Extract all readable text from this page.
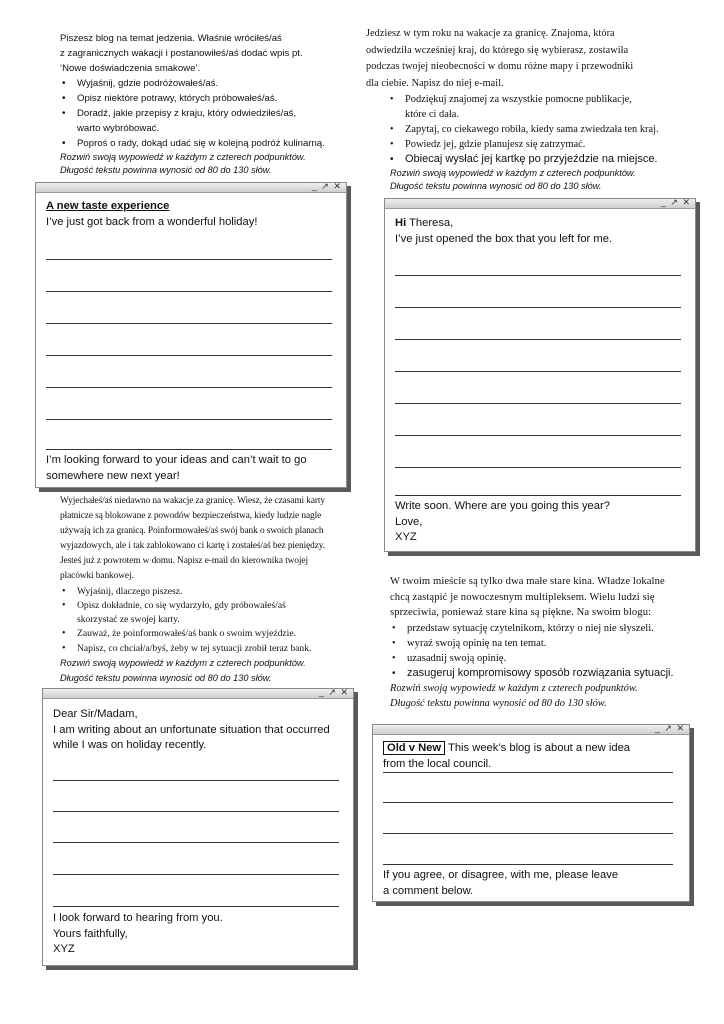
Piszesz blog na temat jedzenia. Właśnie wróciłeś/aś
z zagranicznych wakacji i postanowiłeś/aś dodać wpis pt.
‘Nowe doświadczenia smakowe’.
• Wyjaśnij, gdzie podróżowałeś/aś.
• Opisz niektóre potrawy, których próbowałeś/aś.
• Doradź, jakie przepisy z kraju, który odwiedziłeś/aś,
warto wybróbować.
• Poproś o rady, dokąd udać się w kolejną podróż kulinarną.
Rozwiń swoją wypowiedź w każdym z czterech podpunktów.
Długość tekstu powinna wynosić od 80 do 130 słów.
_ ↗ ✕
A new taste experience
I’ve just got back from a wonderful holiday!
I’m looking forward to your ideas and can’t wait to go
somewhere new next year!
Jedziesz w tym roku na wakacje za granicę. Znajoma, która
odwiedziła wcześniej kraj, do którego się wybierasz, zostawiła
podczas twojej nieobecności w domu różne mapy i przewodniki
dla ciebie. Napisz do niej e-mail.
• Podziękuj znajomej za wszystkie pomocne publikacje,
które ci dała.
• Zapytaj, co ciekawego robiła, kiedy sama zwiedzała ten kraj.
• Powiedz jej, gdzie planujesz się zatrzymać.
• Obiecaj wysłać jej kartkę po przyjeździe na miejsce.
Rozwiń swoją wypowiedź w każdym z czterech podpunktów.
Długość tekstu powinna wynosić od 80 do 130 słów.
_ ↗ ✕
Hi Theresa,
I’ve just opened the box that you left for me.
Write soon. Where are you going this year?
Love,
XYZ
Wyjechałeś/aś niedawno na wakacje za granicę. Wiesz, że czasami karty
płatnicze są blokowane z powodów bezpieczeństwa, kiedy ludzie nagle
używają ich za granicą. Poinformowałeś/aś swój bank o swoich planach
wyjazdowych, ale i tak zablokowano ci kartę i zostałeś/aś bez pieniędzy.
Jesteś już z powrotem w domu. Napisz e-mail do kierownika twojej
placówki bankowej.
• Wyjaśnij, dlaczego piszesz.
• Opisz dokładnie, co się wydarzyło, gdy próbowałeś/aś
skorzystać ze swojej karty.
• Zauważ, że poinformowałeś/aś bank o swoim wyjeździe.
• Napisz, co chciał/a/byś, żeby w tej sytuacji zrobił teraz bank.
Rozwiń swoją wypowiedź w każdym z czterech podpunktów.
Długość tekstu powinna wynosić od 80 do 130 słów.
_ ↗ ✕
Dear Sir/Madam,
I am writing about an unfortunate situation that occurred
while I was on holiday recently.
I look forward to hearing from you.
Yours faithfully,
XYZ
W twoim mieście są tylko dwa małe stare kina. Władze lokalne
chcą zastąpić je nowoczesnym multipleksem. Wielu ludzi się
sprzeciwia, ponieważ stare kina są piękne. Na swoim blogu:
• przedstaw sytuację czytelnikom, którzy o niej nie słyszeli.
• wyraź swoją opinię na ten temat.
• uzasadnij swoją opinię.
• zasugeruj kompromisowy sposób rozwiązania sytuacji.
Rozwiń swoją wypowiedź w każdym z czterech podpunktów.
Długość tekstu powinna wynosić od 80 do 130 słów.
_ ↗ ✕
Old v New This week’s blog is about a new idea
from the local council.
If you agree, or disagree, with me, please leave
a comment below.
